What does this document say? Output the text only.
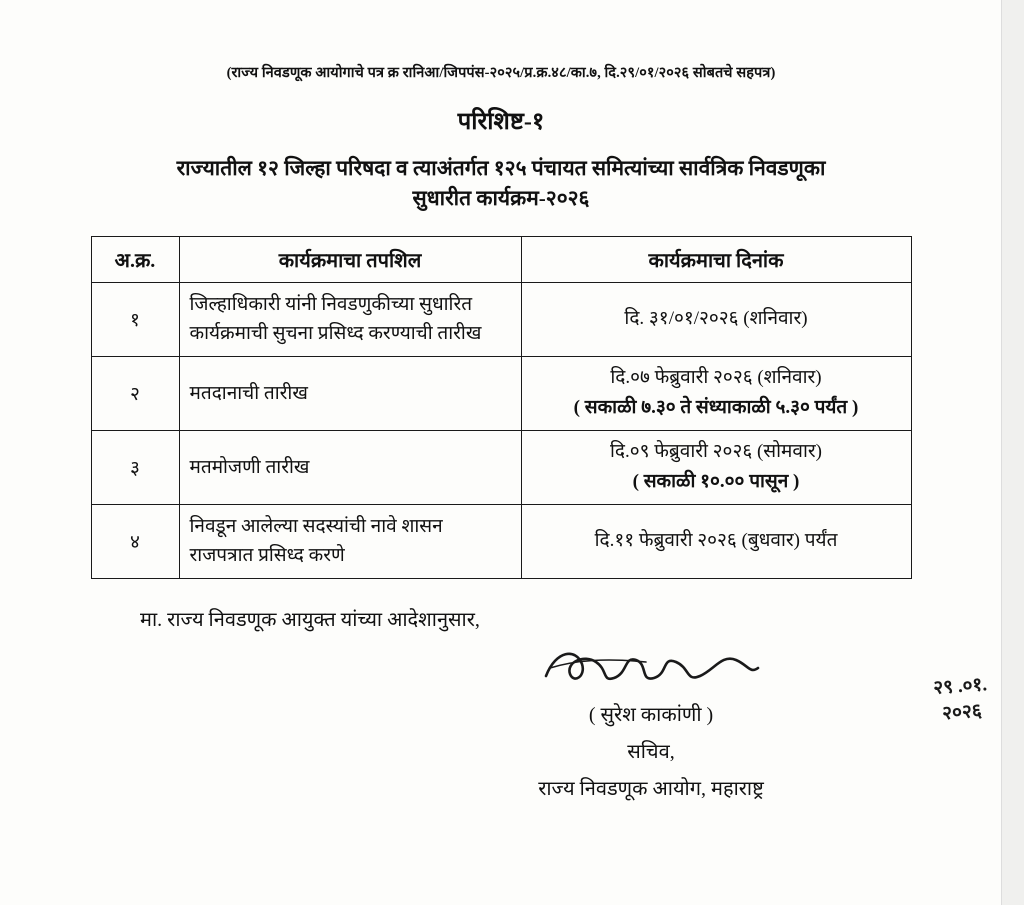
(राज्य निवडणूक आयोगाचे पत्र क्र रानिआ/जिपपंस-२०२५/प्र.क्र.४८/का.७, दि.२९/०१/२०२६ सोबतचे सहपत्र)
परिशिष्ट-१
राज्यातील १२ जिल्हा परिषदा व त्याअंतर्गत १२५ पंचायत समित्यांच्या सार्वत्रिक निवडणूका
सुधारीत कार्यक्रम-२०२६
अ.क्र.	कार्यक्रमाचा तपशिल	कार्यक्रमाचा दिनांक
१	जिल्हाधिकारी यांनी निवडणुकीच्या सुधारित कार्यक्रमाची सुचना प्रसिध्द करण्याची तारीख	दि. ३१/०१/२०२६ (शनिवार)
२	मतदानाची तारीख	दि.०७ फेब्रुवारी २०२६ (शनिवार)
( सकाळी ७.३० ते संध्याकाळी ५.३० पर्यंत )

३	मतमोजणी तारीख	दि.०९ फेब्रुवारी २०२६ (सोमवार)
( सकाळी १०.०० पासून )

४	निवडून आलेल्या सदस्यांची नावे शासन राजपत्रात प्रसिध्द करणे	दि.११ फेब्रुवारी २०२६ (बुधवार) पर्यंत
मा. राज्य निवडणूक आयुक्त यांच्या आदेशानुसार,
२९ .०१. २०२६
( सुरेश काकांणी )
सचिव,
राज्य निवडणूक आयोग, महाराष्ट्र
